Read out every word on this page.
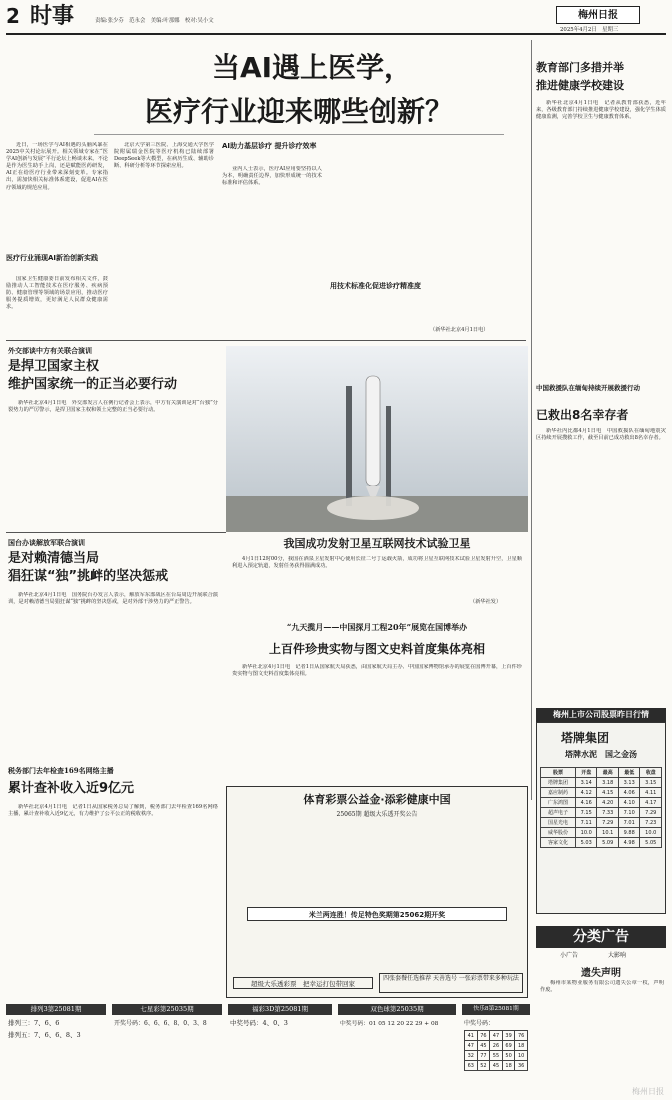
2 时事	责编:张少芬　范永会　美编:叶那娜　校对:吴小文	梅州日报
2025年4月2日　星期三
当AI遇上医学，
医疗行业迎来哪些创新？

近日，一场医学与AI相遇的头脑风暴在2025中关村论坛展开。相关领域专家在“医学AI创新与发展”平行论坛上畅谈未来。不论是作为医生助手上岗，还是赋能医药研发，AI正在给医疗行业带来深刻变革。专家指出，需加快相关标准体系建设，促进AI在医疗领域的规范应用。

医疗行业涌现AI新治创新实践

国家卫生健康委日前发布相关文件，鼓励推动人工智能技术在医疗服务、疾病预防、健康管理等领域的场景应用，推动医疗服务提质增效，更好满足人民群众健康需求。

北京大学第三医院、上海交通大学医学院附属瑞金医院等医疗机构已陆续部署DeepSeek等大模型，在病历生成、辅助诊断、科研分析等环节探索应用。

AI助力基层诊疗 提升诊疗效率

业内人士表示，医疗AI应用要坚持以人为本，明确责任边界，加快形成统一的技术标准和评估体系。

用技术标准化促进诊疗精准度
（新华社北京4月1日电）
教育部门多措并举
推进健康学校建设

新华社北京4月1日电　记者从教育部获悉，近年来，各级教育部门持续推进健康学校建设，强化学生体质健康监测，完善学校卫生与健康教育体系。

中国救援队在缅甸持续开展救援行动
已救出8名幸存者

新华社内比都4月1日电　中国救援队在缅甸地震灾区持续开展搜救工作，截至目前已成功救出8名幸存者。

外交部谈中方有关联合演训
是捍卫国家主权
维护国家统一的正当必要行动

新华社北京4月1日电　外交部发言人在例行记者会上表示，中方有关演训是对“台独”分裂势力的严厉警示，是捍卫国家主权和领土完整的正当必要行动。

国台办谈解放军联合演训
是对赖清德当局
猖狂谋“独”挑衅的坚决惩戒

新华社北京4月1日电　国务院台办发言人表示，解放军东部战区在台岛周边开展联合演训，是对赖清德当局猖狂谋“独”挑衅的坚决惩戒，是对外部干涉势力的严正警告。

我国成功发射卫星互联网技术试验卫星

4月1日12时00分，我国在酒泉卫星发射中心使用长征二号丁运载火箭，成功将卫星互联网技术试验卫星发射升空，卫星顺利进入预定轨道，发射任务获得圆满成功。

（新华社发）
“九天揽月——中国探月工程20年”展览在国博举办
上百件珍贵实物与图文史料首度集体亮相

新华社北京4月1日电　记者1日从国家航天局获悉，由国家航天局主办、中国国家博物馆承办的展览在国博开幕，上百件珍贵实物与图文史料首度集体亮相。

税务部门去年检查169名网络主播
累计查补收入近9亿元

新华社北京4月1日电　记者1日从国家税务总局了解到，税务部门去年检查169名网络主播，累计查补收入近9亿元，有力维护了公平公正的税收秩序。

体育彩票公益金·添彩健康中国
25065期 超级大乐透开奖公告
米兰两连胜！传足特色奖期第25062期开奖
超级大乐透彩票　把幸运打包带回家
四张套餐任选推荐 天善选号 一张彩票带来多种玩法
梅州上市公司股票昨日行情
塔牌集团
塔牌水泥　国之金汤
股票	开盘	最高	最低	收盘
塔牌集团	3.14	3.18	3.13	3.15
嘉应制药	4.12	4.15	4.06	4.11
广东鸿图	4.16	4.20	4.10	4.17
超声电子	7.15	7.33	7.10	7.29
国星光电	7.11	7.29	7.01	7.23
威华股份	10.0	10.1	9.88	10.0
客家文化	5.03	5.09	4.98	5.05
分类广告
小广告	大影响
遗失声明

梅州市某物业服务有限公司遗失公章一枚，声明作废。

排列3第25081期
排列三：7、6、6
排列五：7、6、6、8、3
七星彩第25035期
开奖号码：6、6、6、8、0、3、8
福彩3D第25081期
中奖号码：4、0、3
双色球第25035期
中奖号码：01 05 12 20 22 29 + 08
快乐8第25081期
中奖号码：
41	76	47	39	76
47	45	26	69	18
32	77	55	50	10
63	52	45	18	36
梅州日报
